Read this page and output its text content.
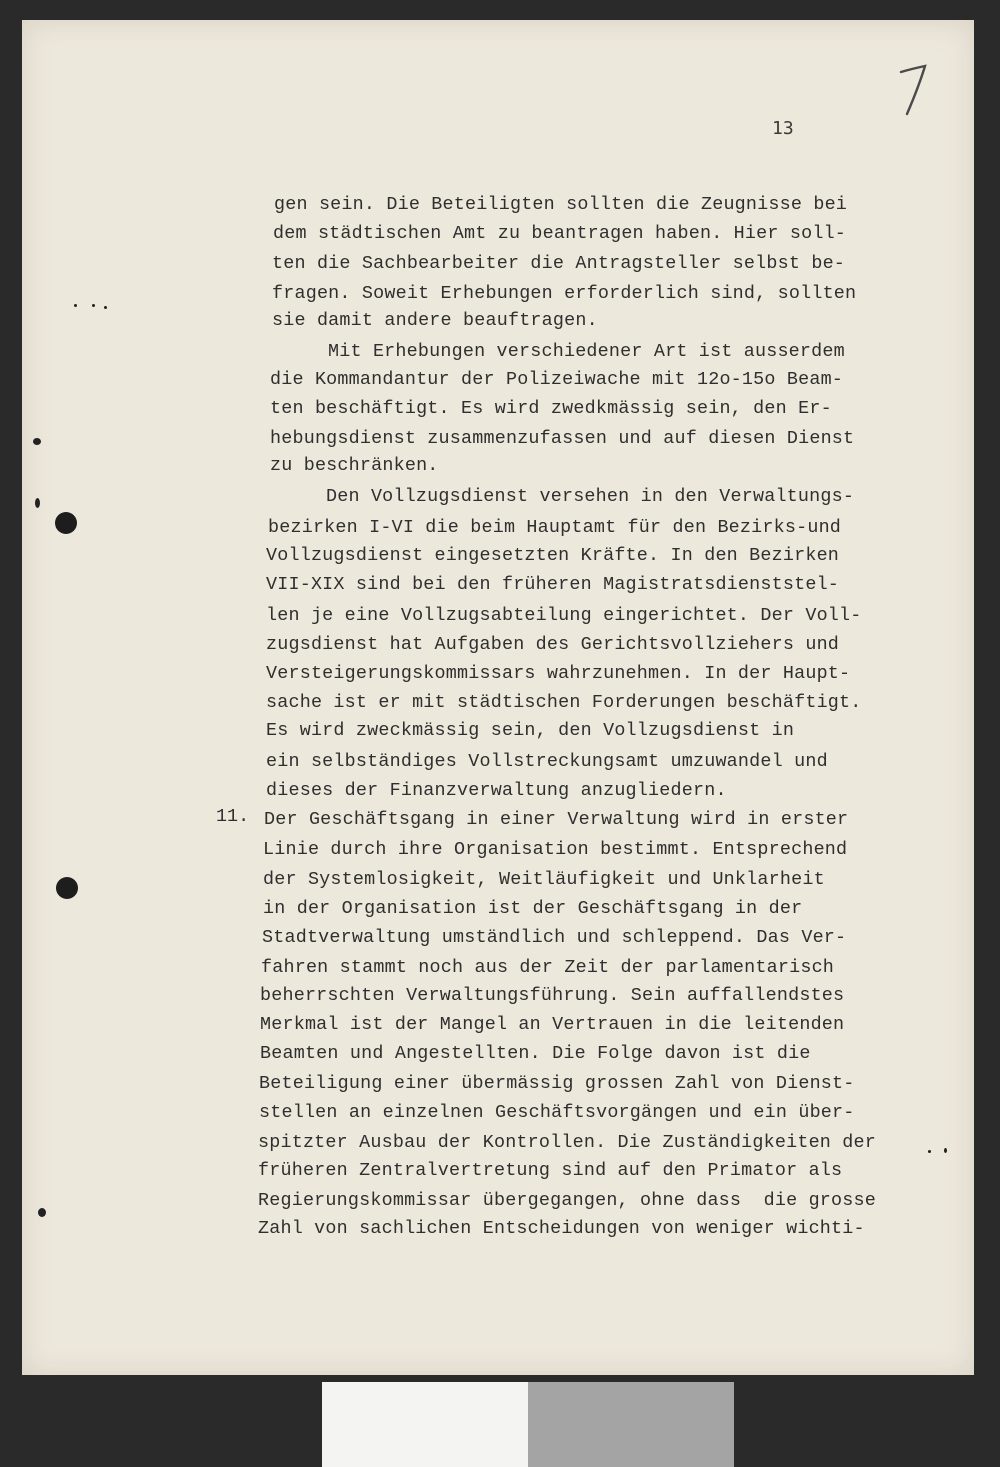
13
11.
gen sein. Die Beteiligten sollten die Zeugnisse bei
dem städtischen Amt zu beantragen haben. Hier soll-
ten die Sachbearbeiter die Antragsteller selbst be-
fragen. Soweit Erhebungen erforderlich sind, sollten
sie damit andere beauftragen.
Mit Erhebungen verschiedener Art ist ausserdem
die Kommandantur der Polizeiwache mit 12o-15o Beam-
ten beschäftigt. Es wird zwedkmässig sein, den Er-
hebungsdienst zusammenzufassen und auf diesen Dienst
zu beschränken.
Den Vollzugsdienst versehen in den Verwaltungs-
bezirken I-VI die beim Hauptamt für den Bezirks-und
Vollzugsdienst eingesetzten Kräfte. In den Bezirken
VII-XIX sind bei den früheren Magistratsdienststel-
len je eine Vollzugsabteilung eingerichtet. Der Voll-
zugsdienst hat Aufgaben des Gerichtsvollziehers und
Versteigerungskommissars wahrzunehmen. In der Haupt-
sache ist er mit städtischen Forderungen beschäftigt.
Es wird zweckmässig sein, den Vollzugsdienst in
ein selbständiges Vollstreckungsamt umzuwandel und
dieses der Finanzverwaltung anzugliedern.
Der Geschäftsgang in einer Verwaltung wird in erster
Linie durch ihre Organisation bestimmt. Entsprechend
der Systemlosigkeit, Weitläufigkeit und Unklarheit
in der Organisation ist der Geschäftsgang in der
Stadtverwaltung umständlich und schleppend. Das Ver-
fahren stammt noch aus der Zeit der parlamentarisch
beherrschten Verwaltungsführung. Sein auffallendstes
Merkmal ist der Mangel an Vertrauen in die leitenden
Beamten und Angestellten. Die Folge davon ist die
Beteiligung einer übermässig grossen Zahl von Dienst-
stellen an einzelnen Geschäftsvorgängen und ein über-
spitzter Ausbau der Kontrollen. Die Zuständigkeiten der
früheren Zentralvertretung sind auf den Primator als
Regierungskommissar übergegangen, ohne dass  die grosse
Zahl von sachlichen Entscheidungen von weniger wichti-
